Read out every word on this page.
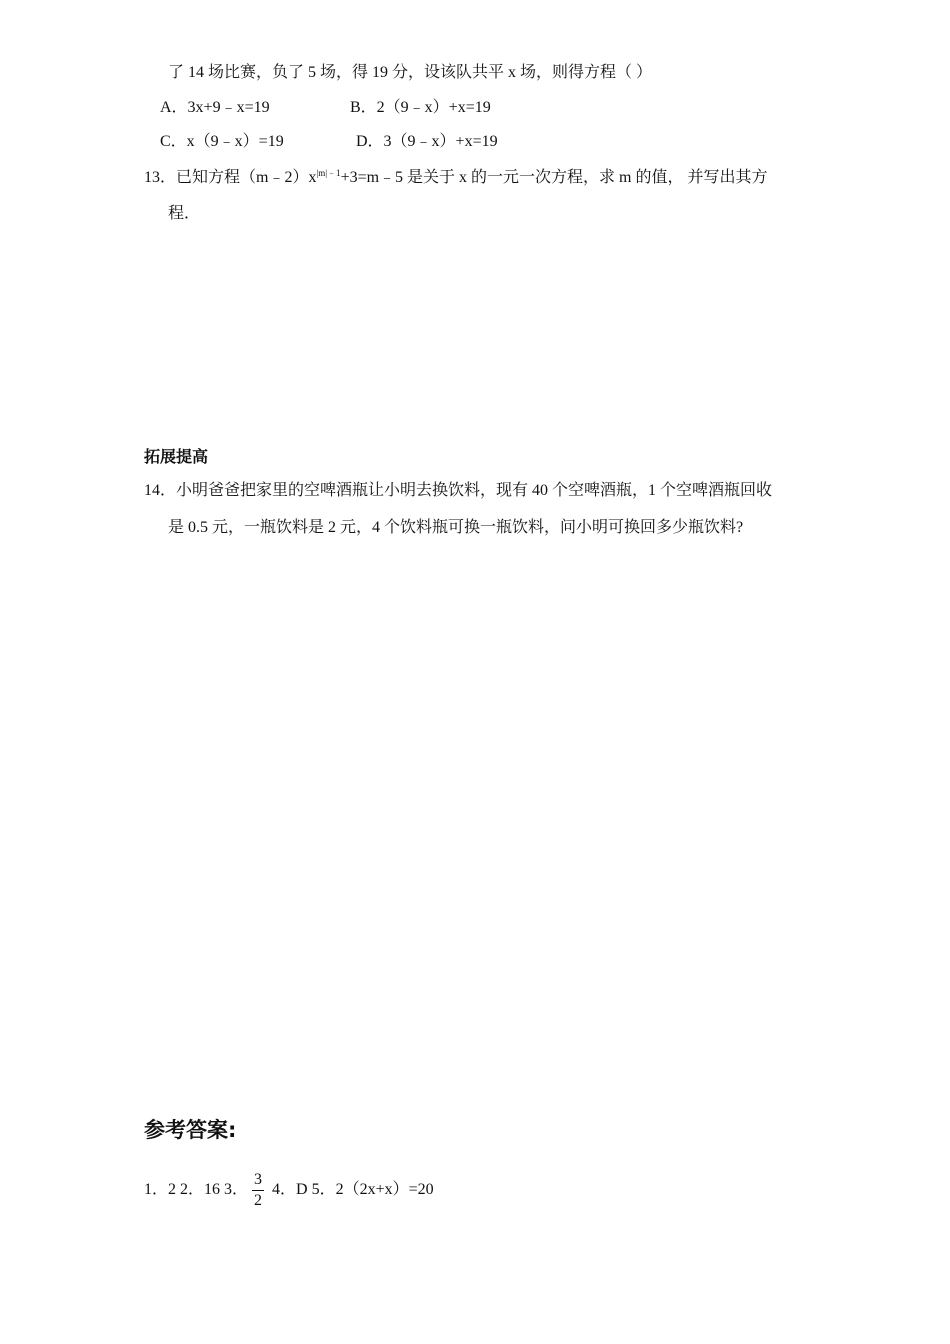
了 14 场比赛，负了 5 场，得 19 分，设该队共平 x 场，则得方程（ ）
A．3x+9﹣x=19	B．2（9﹣x）+x=19
C．x（9﹣x）=19	D．3（9﹣x）+x=19
13．已知方程$(m﹣2)x^{|m|﹣1}+3=m﹣5$ 是关于 x 的一元一次方程，求 m 的值， 并写出其方
程．
拓展提高
14．小明爸爸把家里的空啤酒瓶让小明去换饮料，现有 40 个空啤酒瓶，1 个空啤酒瓶回收
是 0.5 元，一瓶饮料是 2 元，4 个饮料瓶可换一瓶饮料，问小明可换回多少瓶饮料?
参考答案:
1．2 2．16 3． $\frac{3}{2} 4$．D 5．2（2x+x）=20
